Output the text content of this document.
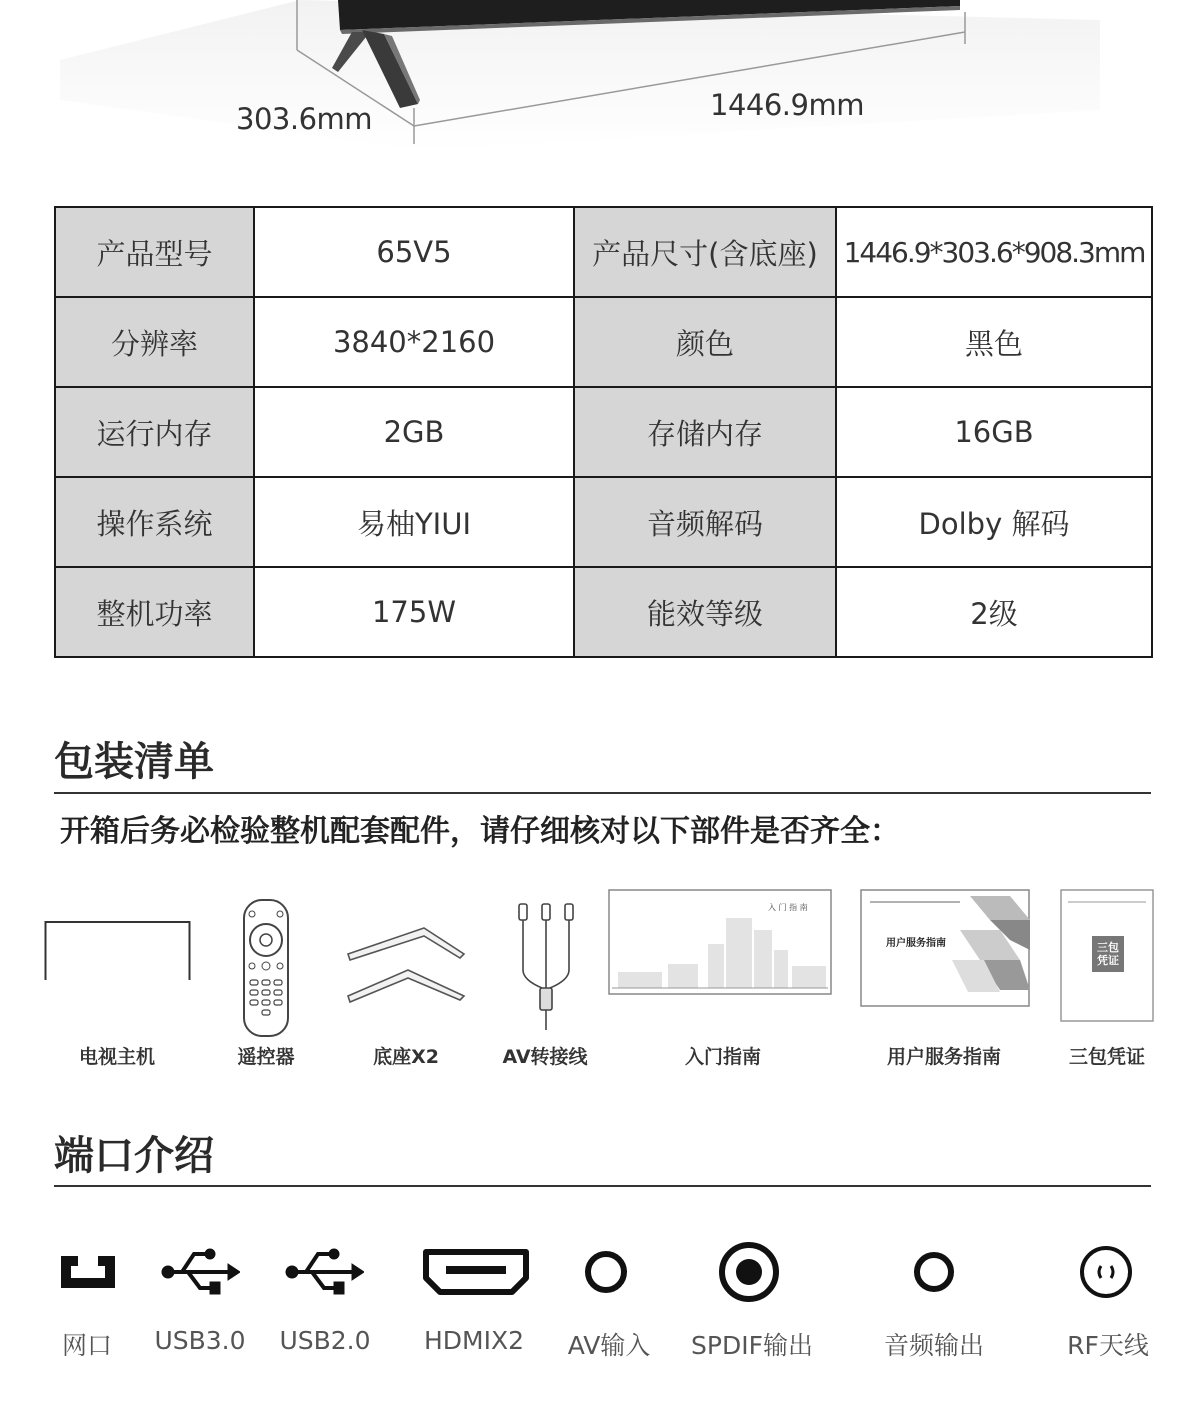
303.6mm	1446.9mm
产品型号	65V5	产品尺寸(含底座)	1446.9*303.6*908.3mm
分辨率	3840*2160	颜色	黑色
运行内存	2GB	存储内存	16GB
操作系统	易柚YIUI	音频解码	Dolby 解码
整机功率	175W	能效等级	2级
包装清单
开箱后务必检验整机配套配件，请仔细核对以下部件是否齐全：
电视主机	遥控器	底座X2	AV转接线
入 门 指 南
入门指南
用户服务指南
用户服务指南
三包凭证
三包凭证
端口介绍
网口 USB3.0 USB2.0 HDMIX2 AV输入 SPDIF输出	音频输出	RF天线
